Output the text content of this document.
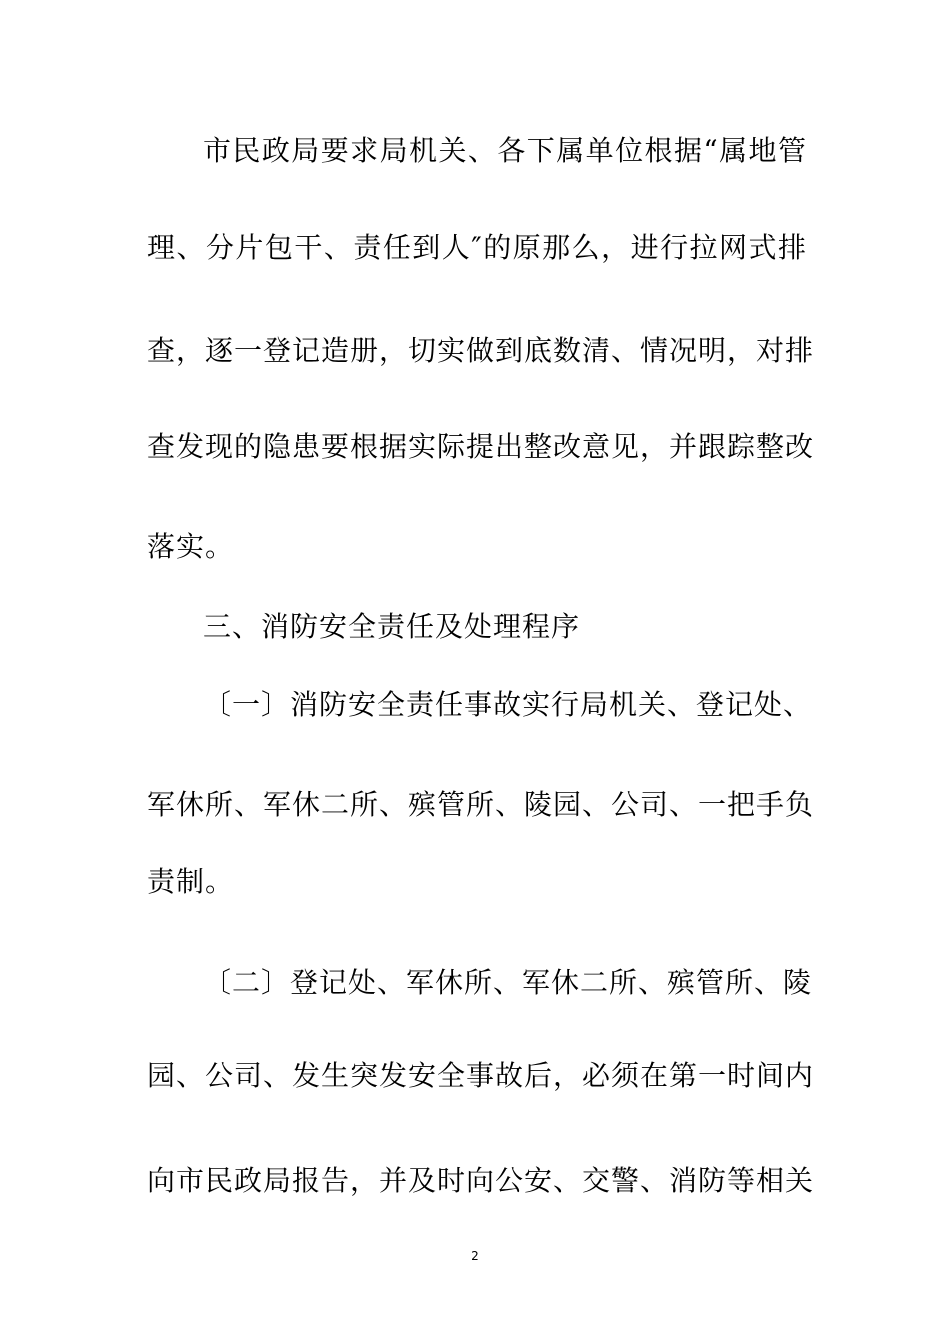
市民政局要求局机关、各下属单位根据“属地管
理、分片包干、责任到人″的原那么，进行拉网式排
查，逐一登记造册，切实做到底数清、情况明，对排
查发现的隐患要根据实际提出整改意见，并跟踪整改
落实。
三、消防安全责任及处理程序
〔一〕消防安全责任事故实行局机关、登记处、
军休所、军休二所、殡管所、陵园、公司、一把手负
责制。
〔二〕登记处、军休所、军休二所、殡管所、陵
园、公司、发生突发安全事故后，必须在第一时间内
向市民政局报告，并及时向公安、交警、消防等相关
2
